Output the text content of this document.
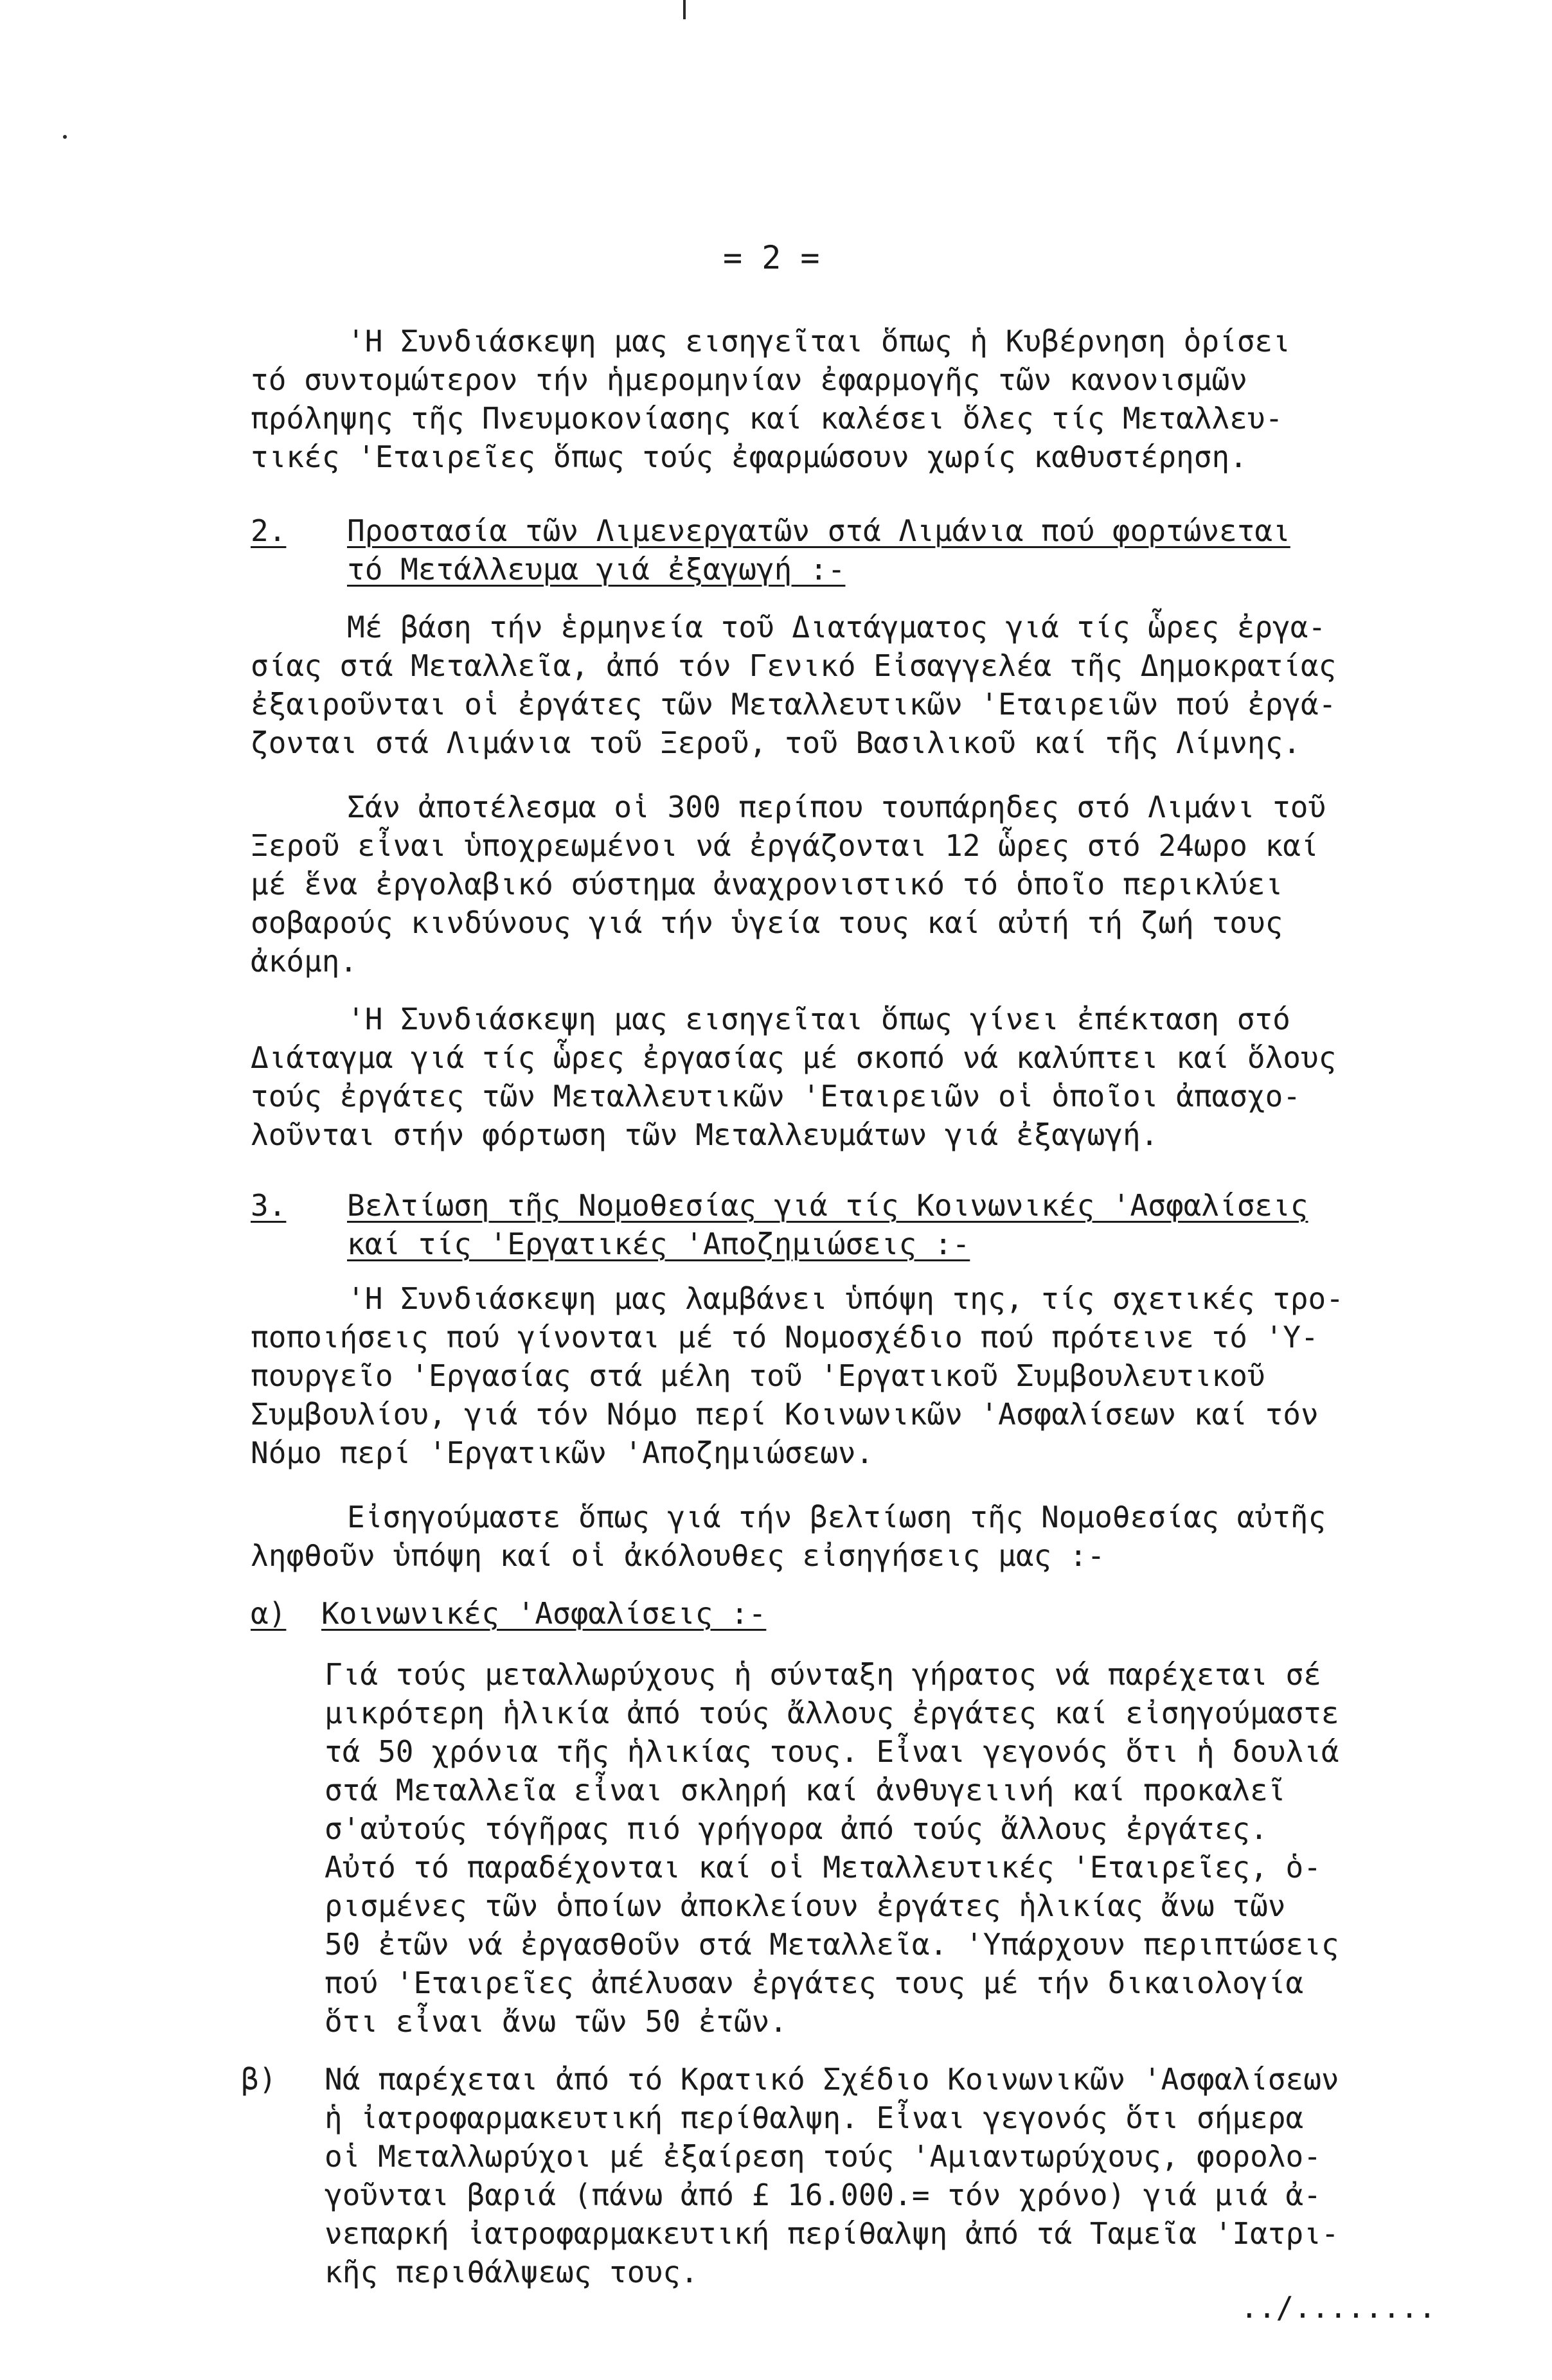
= 2 =
'Η Συνδιάσκεψη μας εισηγεῖται ὅπως ἡ Κυβέρνηση ὁρίσει
τό συντομώτερον τήν ἡμερομηνίαν ἐφαρμογῆς τῶν κανονισμῶν
πρόληψης τῆς Πνευμοκονίασης καί καλέσει ὅλες τίς Μεταλλευ-
τικές 'Εταιρεῖες ὅπως τούς ἐφαρμώσουν χωρίς καθυστέρηση.
2. Προστασία τῶν Λιμενεργατῶν στά Λιμάνια πού φορτώνεται
τό Μετάλλευμα γιά ἐξαγωγή :-
Μέ βάση τήν ἑρμηνεία τοῦ Διατάγματος γιά τίς ὧρες ἐργα-
σίας στά Μεταλλεῖα, ἀπό τόν Γενικό Εἰσαγγελέα τῆς Δημοκρατίας
ἐξαιροῦνται οἱ ἐργάτες τῶν Μεταλλευτικῶν 'Εταιρειῶν πού ἐργά-
ζονται στά Λιμάνια τοῦ Ξεροῦ, τοῦ Βασιλικοῦ καί τῆς Λίμνης.
Σάν ἀποτέλεσμα οἱ 300 περίπου τουπάρηδες στό Λιμάνι τοῦ
Ξεροῦ εἶναι ὑποχρεωμένοι νά ἐργάζονται 12 ὧρες στό 24ωρο καί
μέ ἕνα ἐργολαβικό σύστημα ἀναχρονιστικό τό ὁποῖο περικλύει
σοβαρούς κινδύνους γιά τήν ὑγεία τους καί αὐτή τή ζωή τους
ἀκόμη.
'Η Συνδιάσκεψη μας εισηγεῖται ὅπως γίνει ἐπέκταση στό
Διάταγμα γιά τίς ὧρες ἐργασίας μέ σκοπό νά καλύπτει καί ὅλους
τούς ἐργάτες τῶν Μεταλλευτικῶν 'Εταιρειῶν οἱ ὁποῖοι ἀπασχο-
λοῦνται στήν φόρτωση τῶν Μεταλλευμάτων γιά ἐξαγωγή.
3. Βελτίωση τῆς Νομοθεσίας γιά τίς Κοινωνικές 'Ασφαλίσεις
καί τίς 'Εργατικές 'Αποζημιώσεις :-
'Η Συνδιάσκεψη μας λαμβάνει ὑπόψη της, τίς σχετικές τρο-
ποποιήσεις πού γίνονται μέ τό Νομοσχέδιο πού πρότεινε τό 'Υ-
πουργεῖο 'Εργασίας στά μέλη τοῦ 'Εργατικοῦ Συμβουλευτικοῦ
Συμβουλίου, γιά τόν Νόμο περί Κοινωνικῶν 'Ασφαλίσεων καί τόν
Νόμο περί 'Εργατικῶν 'Αποζημιώσεων.
Εἰσηγούμαστε ὅπως γιά τήν βελτίωση τῆς Νομοθεσίας αὐτῆς
ληφθοῦν ὑπόψη καί οἱ ἀκόλουθες εἰσηγήσεις μας :-
α) Κοινωνικές 'Ασφαλίσεις :-
Γιά τούς μεταλλωρύχους ἡ σύνταξη γήρατος νά παρέχεται σέ
μικρότερη ἡλικία ἀπό τούς ἄλλους ἐργάτες καί εἰσηγούμαστε
τά 50 χρόνια τῆς ἡλικίας τους. Εἶναι γεγονός ὅτι ἡ δουλιά
στά Μεταλλεῖα εἶναι σκληρή καί ἀνθυγειινή καί προκαλεῖ
σ'αὐτούς τόγῆρας πιό γρήγορα ἀπό τούς ἄλλους ἐργάτες.
Αὐτό τό παραδέχονται καί οἱ Μεταλλευτικές 'Εταιρεῖες, ὁ-
ρισμένες τῶν ὁποίων ἀποκλείουν ἐργάτες ἡλικίας ἄνω τῶν
50 ἐτῶν νά ἐργασθοῦν στά Μεταλλεῖα. 'Υπάρχουν περιπτώσεις
πού 'Εταιρεῖες ἀπέλυσαν ἐργάτες τους μέ τήν δικαιολογία
ὅτι εἶναι ἄνω τῶν 50 ἐτῶν.
β) Νά παρέχεται ἀπό τό Κρατικό Σχέδιο Κοινωνικῶν 'Ασφαλίσεων
ἡ ἰατροφαρμακευτική περίθαλψη. Εἶναι γεγονός ὅτι σήμερα
οἱ Μεταλλωρύχοι μέ ἐξαίρεση τούς 'Αμιαντωρύχους, φορολο-
γοῦνται βαριά (πάνω ἀπό £ 16.000.= τόν χρόνο) γιά μιά ἀ-
νεπαρκή ἰατροφαρμακευτική περίθαλψη ἀπό τά Ταμεῖα 'Ιατρι-
κῆς περιθάλψεως τους.
../........
